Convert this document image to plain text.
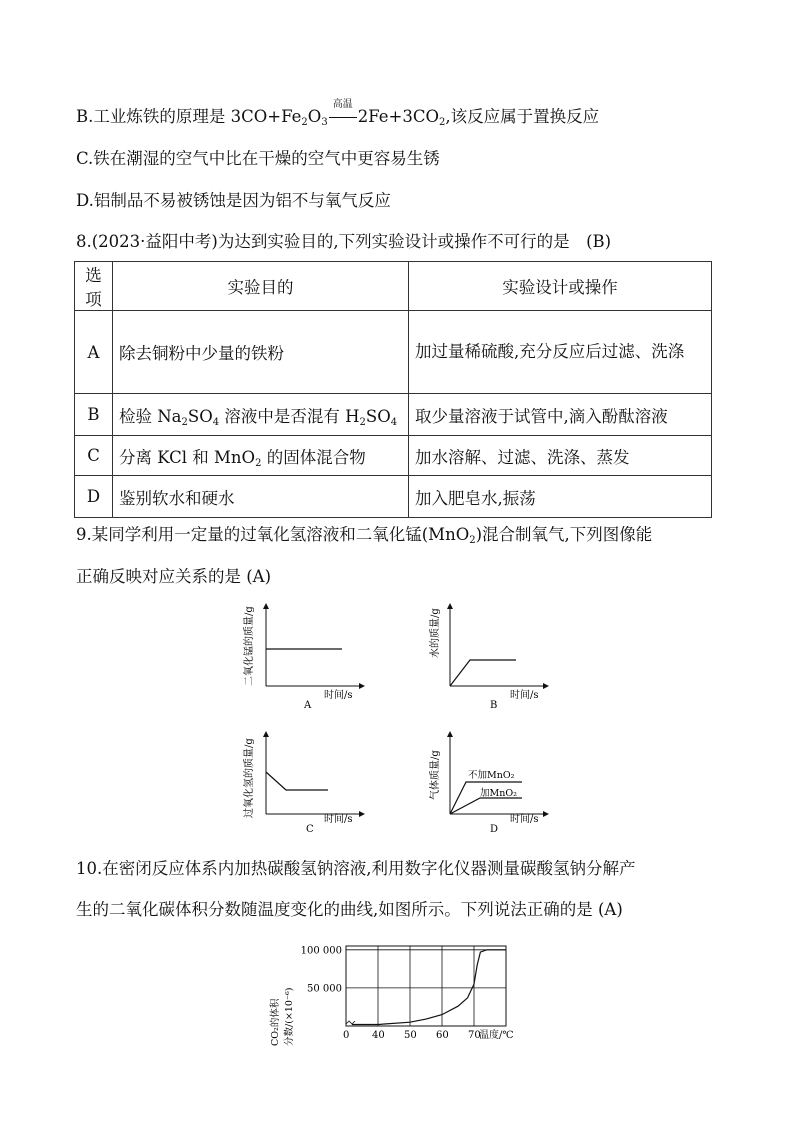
B.工业炼铁的原理是 $3CO+Fe_2O_3$
高温
$2Fe+3CO_2$,该反应属于置换反应
C.铁在潮湿的空气中比在干燥的空气中更容易生锈
D.铝制品不易被锈蚀是因为铝不与氧气反应
8.(2023·益阳中考)为达到实验目的,下列实验设计或操作不可行的是　(B)
选项	实验目的	实验设计或操作
A	除去铜粉中少量的铁粉	加过量稀硫酸,充分反应后过滤、洗涤

B	检验 $Na_2SO_4$ 溶液中是否混有 $H_2SO_4$	取少量溶液于试管中,滴入酚酞溶液
C	分离 KCl 和 MnO$_2$ 的固体混合物	加水溶解、过滤、洗涤、蒸发
D	鉴别软水和硬水	加入肥皂水,振荡
9.某同学利用一定量的过氧化氢溶液和二氧化锰(MnO$_2$)混合制氧气,下列图像能
正确反映对应关系的是 (A)
二氧化锰的质量/g
时间/s
A
水的质量/g
时间/s
B
过氧化氢的质量/g
时间/s
C
不加MnO₂
加MnO₂
气体质量/g
时间/s
D
10.在密闭反应体系内加热碳酸氢钠溶液,利用数字化仪器测量碳酸氢钠分解产
生的二氧化碳体积分数随温度变化的曲线,如图所示。下列说法正确的是 (A)
0 40 50 60 70
100 000
50 000
CO₂的体积 分数/(×10⁻⁶)	温度/℃
